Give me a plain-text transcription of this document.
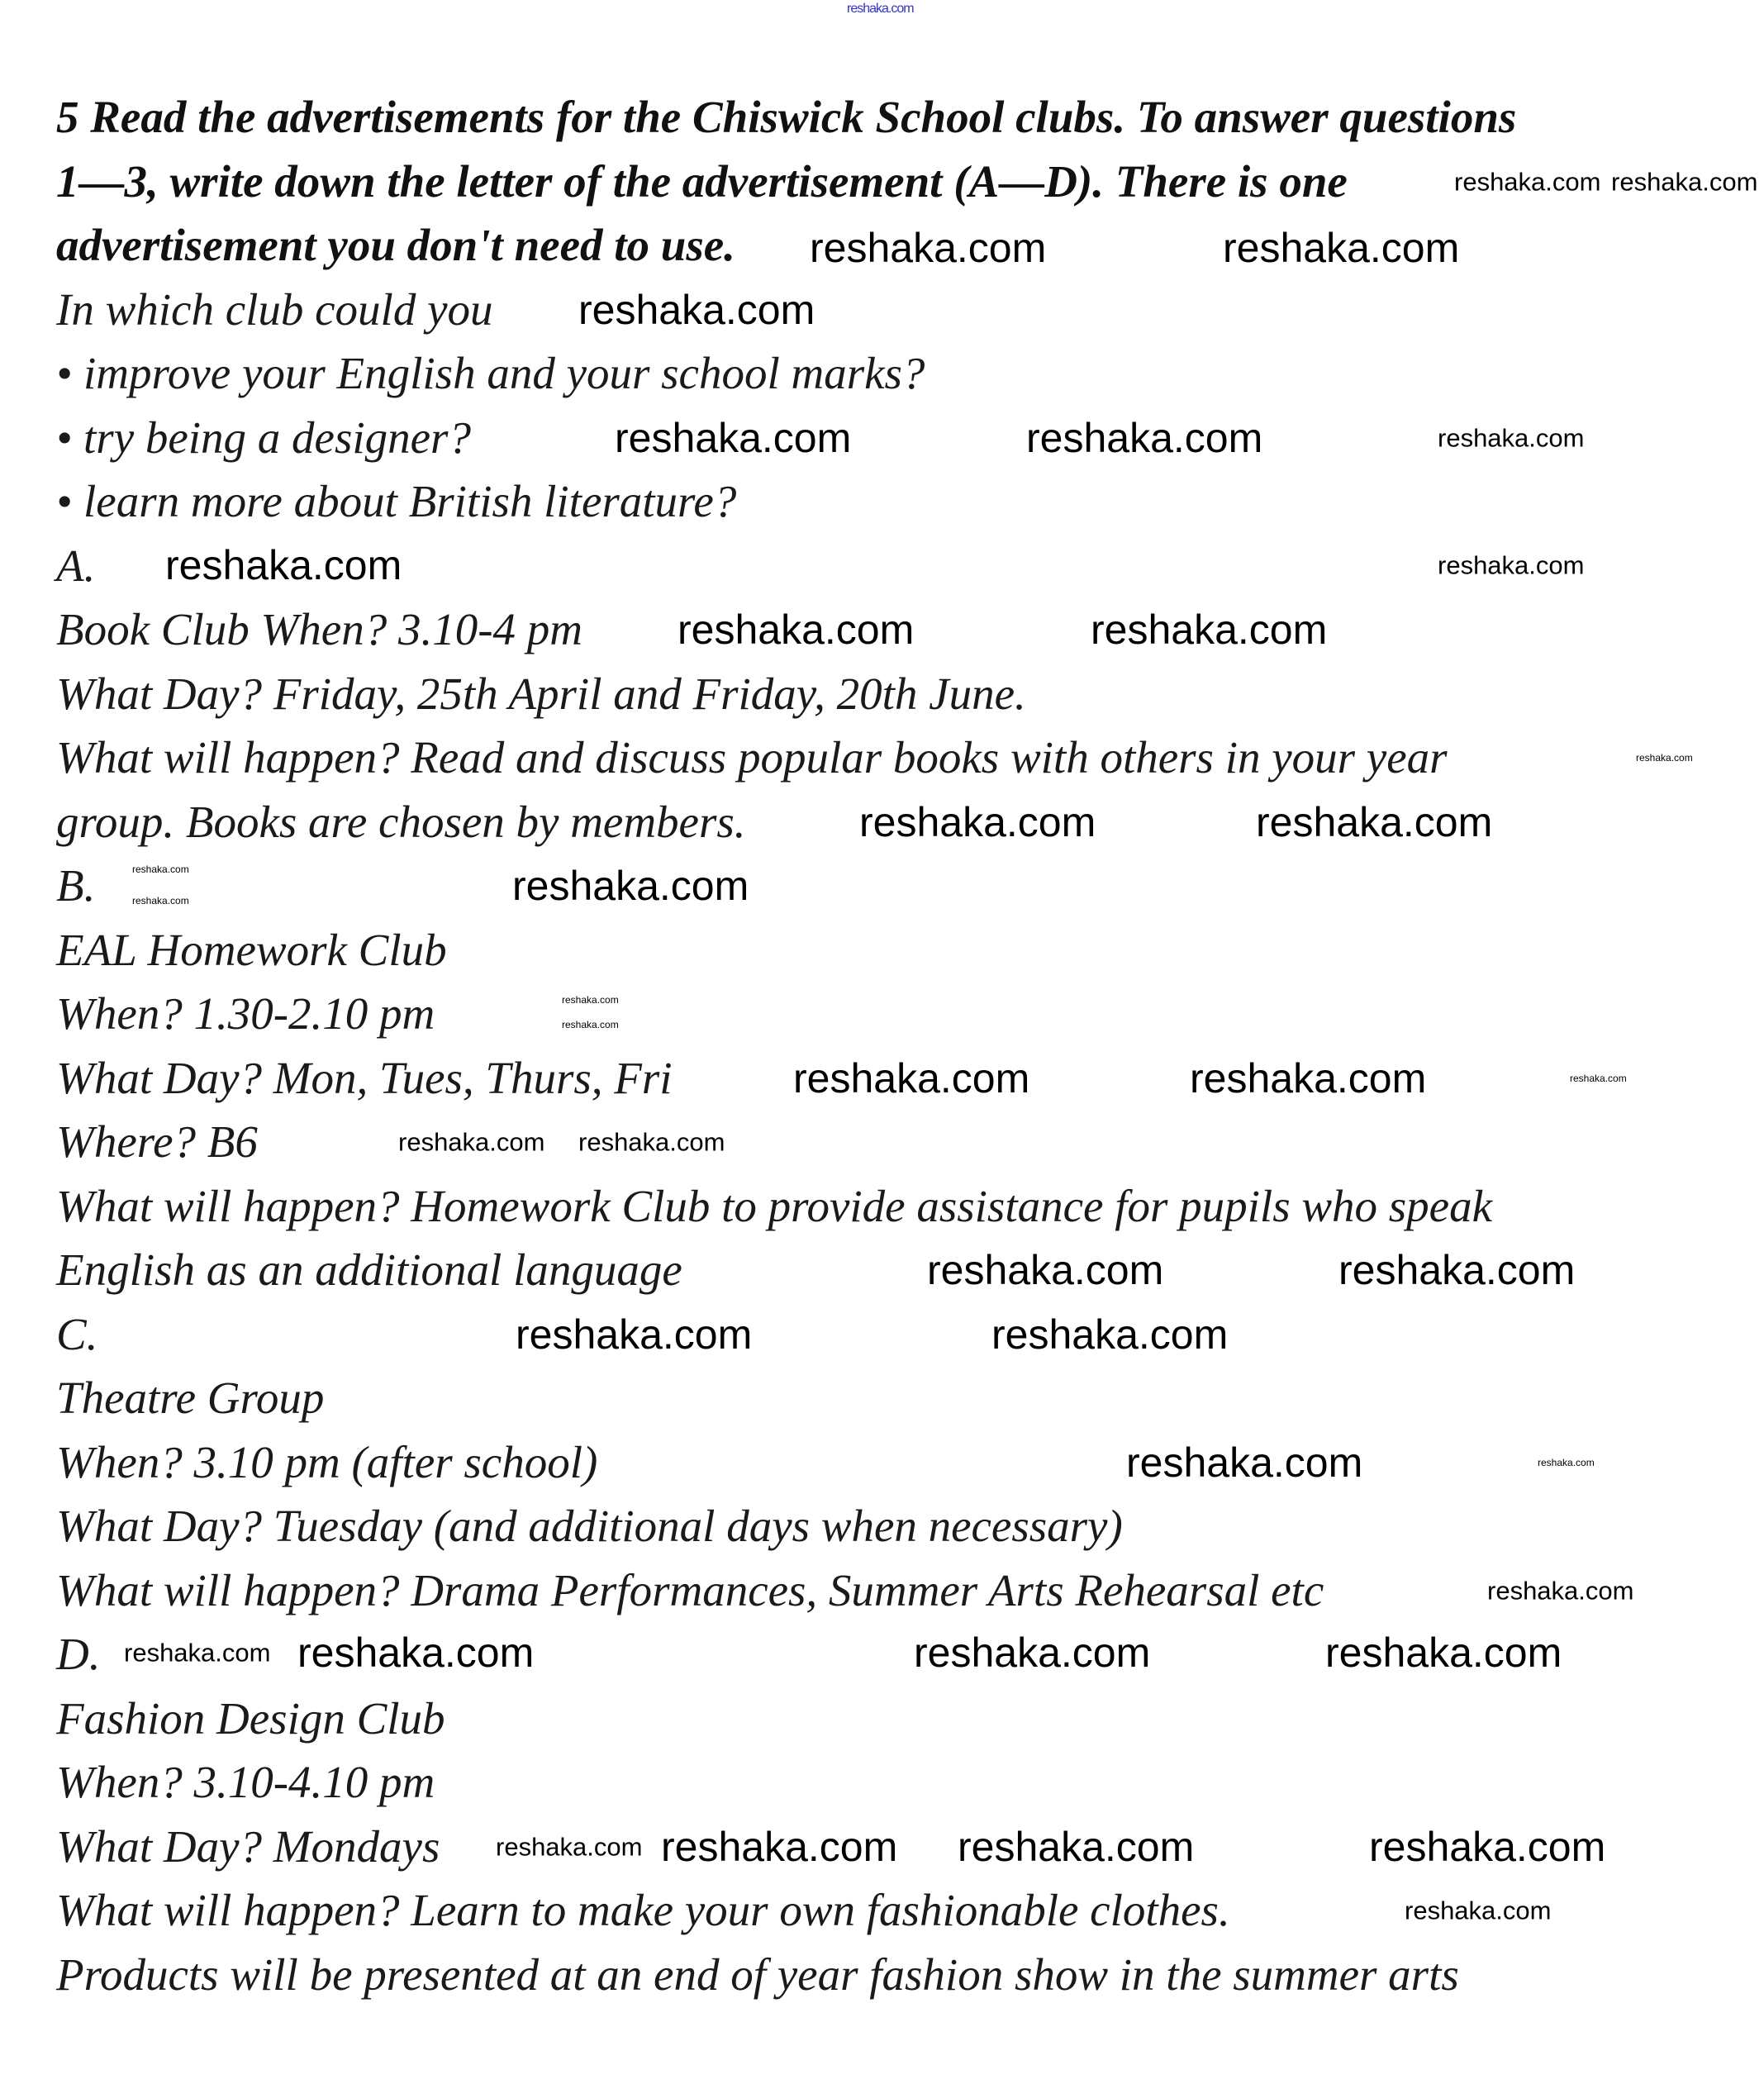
5 Read the advertisements for the Chiswick School clubs. To answer questions
1—3, write down the letter of the advertisement (A—D). There is one
advertisement you don't need to use.
In which club could you
• improve your English and your school marks?
• try being a designer?
• learn more about British literature?
A.
Book Club When? 3.10-4 pm
What Day? Friday, 25th April and Friday, 20th June.
What will happen? Read and discuss popular books with others in your year
group. Books are chosen by members.
B.
EAL Homework Club
When? 1.30-2.10 pm
What Day? Mon, Tues, Thurs, Fri
Where? B6
What will happen? Homework Club to provide assistance for pupils who speak
English as an additional language
C.
Theatre Group
When? 3.10 pm (after school)
What Day? Tuesday (and additional days when necessary)
What will happen? Drama Performances, Summer Arts Rehearsal etc
D.
Fashion Design Club
When? 3.10-4.10 pm
What Day? Mondays
What will happen? Learn to make your own fashionable clothes.
Products will be presented at an end of year fashion show in the summer arts
reshaka.com
reshaka.com reshaka.com
reshaka.com	reshaka.com
reshaka.com
reshaka.com	reshaka.com	reshaka.com
reshaka.com	reshaka.com
reshaka.com	reshaka.com
reshaka.com
reshaka.com	reshaka.com
reshaka.com	reshaka.com
reshaka.com
reshaka.com
reshaka.com
reshaka.com	reshaka.com	reshaka.com
reshaka.com reshaka.com
reshaka.com	reshaka.com
reshaka.com	reshaka.com
reshaka.com	reshaka.com
reshaka.com
reshaka.com	reshaka.com	reshaka.com
reshaka.com
reshaka.com reshaka.com reshaka.com	reshaka.com
reshaka.com
